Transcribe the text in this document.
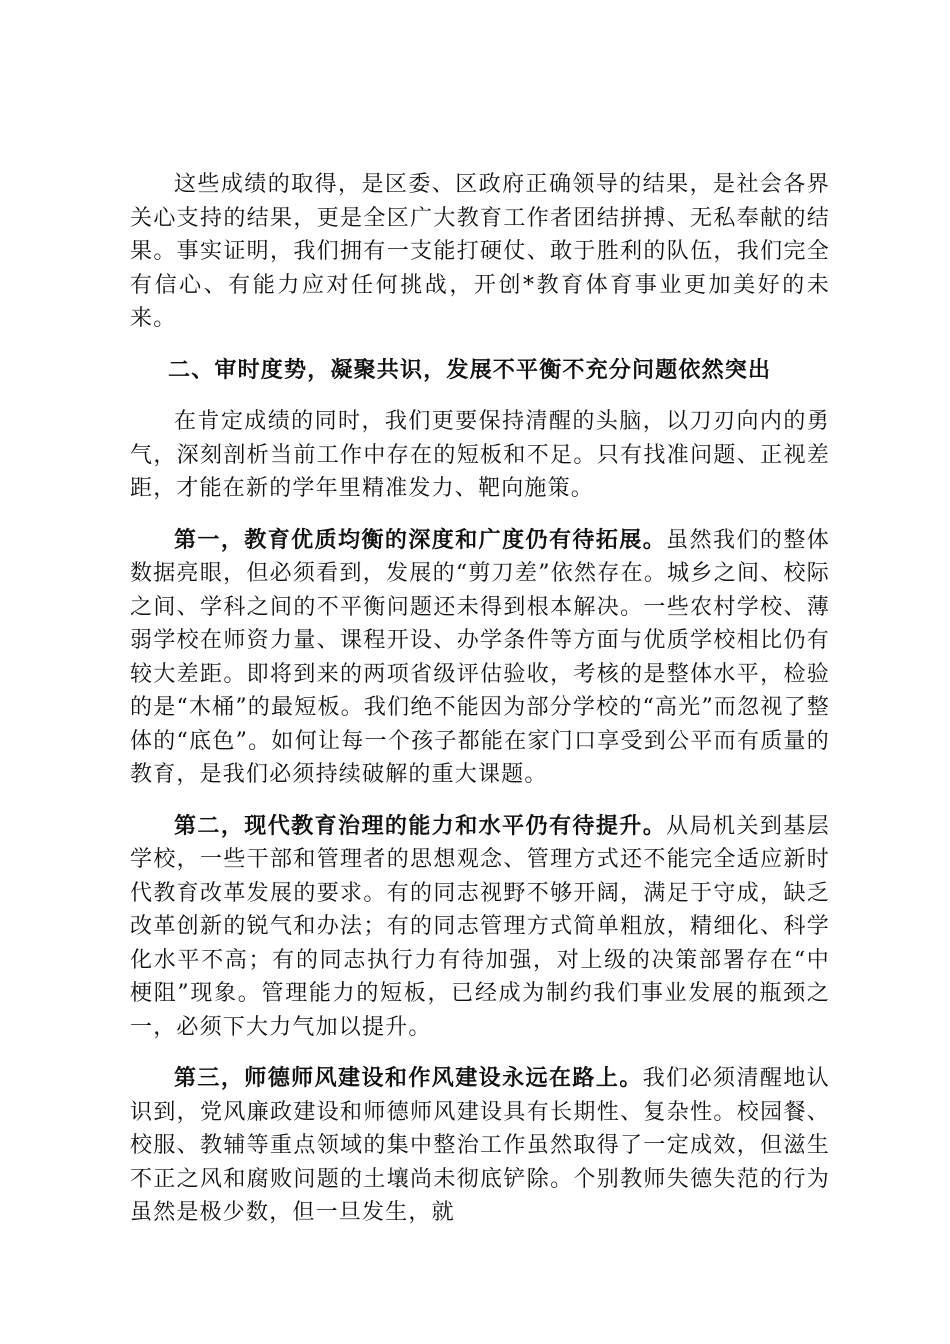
这些成绩的取得，是区委、区政府正确领导的结果，是社会各界关心支持的结果，更是全区广大教育工作者团结拼搏、无私奉献的结果。事实证明，我们拥有一支能打硬仗、敢于胜利的队伍，我们完全有信心、有能力应对任何挑战，开创*教育体育事业更加美好的未来。

二、审时度势，凝聚共识，发展不平衡不充分问题依然突出

在肯定成绩的同时，我们更要保持清醒的头脑，以刀刃向内的勇气，深刻剖析当前工作中存在的短板和不足。只有找准问题、正视差距，才能在新的学年里精准发力、靶向施策。

第一，教育优质均衡的深度和广度仍有待拓展。虽然我们的整体数据亮眼，但必须看到，发展的“剪刀差”依然存在。城乡之间、校际之间、学科之间的不平衡问题还未得到根本解决。一些农村学校、薄弱学校在师资力量、课程开设、办学条件等方面与优质学校相比仍有较大差距。即将到来的两项省级评估验收，考核的是整体水平，检验的是“木桶”的最短板。我们绝不能因为部分学校的“高光”而忽视了整体的“底色”。如何让每一个孩子都能在家门口享受到公平而有质量的教育，是我们必须持续破解的重大课题。

第二，现代教育治理的能力和水平仍有待提升。从局机关到基层学校，一些干部和管理者的思想观念、管理方式还不能完全适应新时代教育改革发展的要求。有的同志视野不够开阔，满足于守成，缺乏改革创新的锐气和办法；有的同志管理方式简单粗放，精细化、科学化水平不高；有的同志执行力有待加强，对上级的决策部署存在“中梗阻”现象。管理能力的短板，已经成为制约我们事业发展的瓶颈之一，必须下大力气加以提升。

第三，师德师风建设和作风建设永远在路上。我们必须清醒地认识到，党风廉政建设和师德师风建设具有长期性、复杂性。校园餐、校服、教辅等重点领域的集中整治工作虽然取得了一定成效，但滋生不正之风和腐败问题的土壤尚未彻底铲除。个别教师失德失范的行为虽然是极少数，但一旦发生，就
